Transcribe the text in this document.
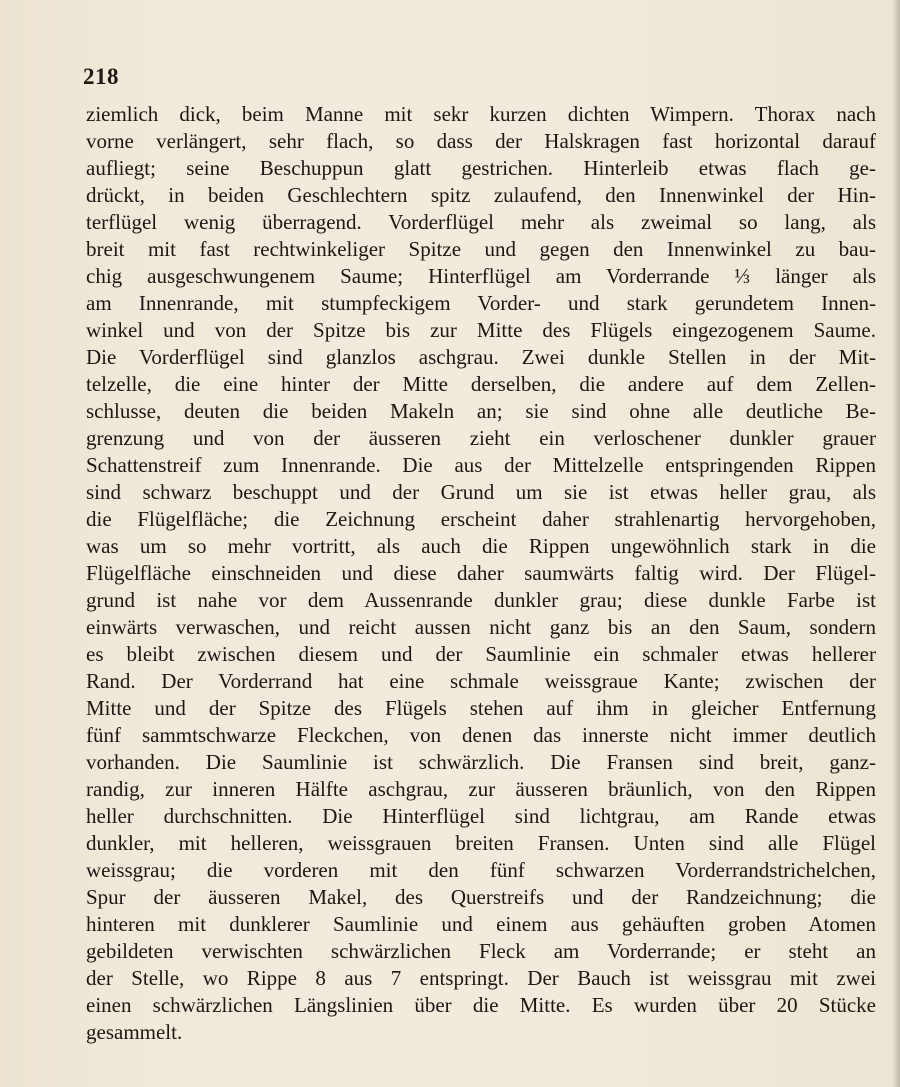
218
ziemlich dick, beim Manne mit sekr kurzen dichten Wimpern. Thorax nach
vorne verlängert, sehr flach, so dass der Halskragen fast horizontal darauf
aufliegt; seine Beschuppun glatt gestrichen. Hinterleib etwas flach ge-
drückt, in beiden Geschlechtern spitz zulaufend, den Innenwinkel der Hin-
terflügel wenig überragend. Vorderflügel mehr als zweimal so lang, als
breit mit fast rechtwinkeliger Spitze und gegen den Innenwinkel zu bau-
chig ausgeschwungenem Saume; Hinterflügel am Vorderrande ⅓ länger als
am Innenrande, mit stumpfeckigem Vorder- und stark gerundetem Innen-
winkel und von der Spitze bis zur Mitte des Flügels eingezogenem Saume.
Die Vorderflügel sind glanzlos aschgrau. Zwei dunkle Stellen in der Mit-
telzelle, die eine hinter der Mitte derselben, die andere auf dem Zellen-
schlusse, deuten die beiden Makeln an; sie sind ohne alle deutliche Be-
grenzung und von der äusseren zieht ein verloschener dunkler grauer
Schattenstreif zum Innenrande. Die aus der Mittelzelle entspringenden Rippen
sind schwarz beschuppt und der Grund um sie ist etwas heller grau, als
die Flügelfläche; die Zeichnung erscheint daher strahlenartig hervorgehoben,
was um so mehr vortritt, als auch die Rippen ungewöhnlich stark in die
Flügelfläche einschneiden und diese daher saumwärts faltig wird. Der Flügel-
grund ist nahe vor dem Aussenrande dunkler grau; diese dunkle Farbe ist
einwärts verwaschen, und reicht aussen nicht ganz bis an den Saum, sondern
es bleibt zwischen diesem und der Saumlinie ein schmaler etwas hellerer
Rand. Der Vorderrand hat eine schmale weissgraue Kante; zwischen der
Mitte und der Spitze des Flügels stehen auf ihm in gleicher Entfernung
fünf sammtschwarze Fleckchen, von denen das innerste nicht immer deutlich
vorhanden. Die Saumlinie ist schwärzlich. Die Fransen sind breit, ganz-
randig, zur inneren Hälfte aschgrau, zur äusseren bräunlich, von den Rippen
heller durchschnitten. Die Hinterflügel sind lichtgrau, am Rande etwas
dunkler, mit helleren, weissgrauen breiten Fransen. Unten sind alle Flügel
weissgrau; die vorderen mit den fünf schwarzen Vorderrandstrichelchen,
Spur der äusseren Makel, des Querstreifs und der Randzeichnung; die
hinteren mit dunklerer Saumlinie und einem aus gehäuften groben Atomen
gebildeten verwischten schwärzlichen Fleck am Vorderrande; er steht an
der Stelle, wo Rippe 8 aus 7 entspringt. Der Bauch ist weissgrau mit zwei
einen schwärzlichen Längslinien über die Mitte. Es wurden über 20 Stücke
gesammelt.
